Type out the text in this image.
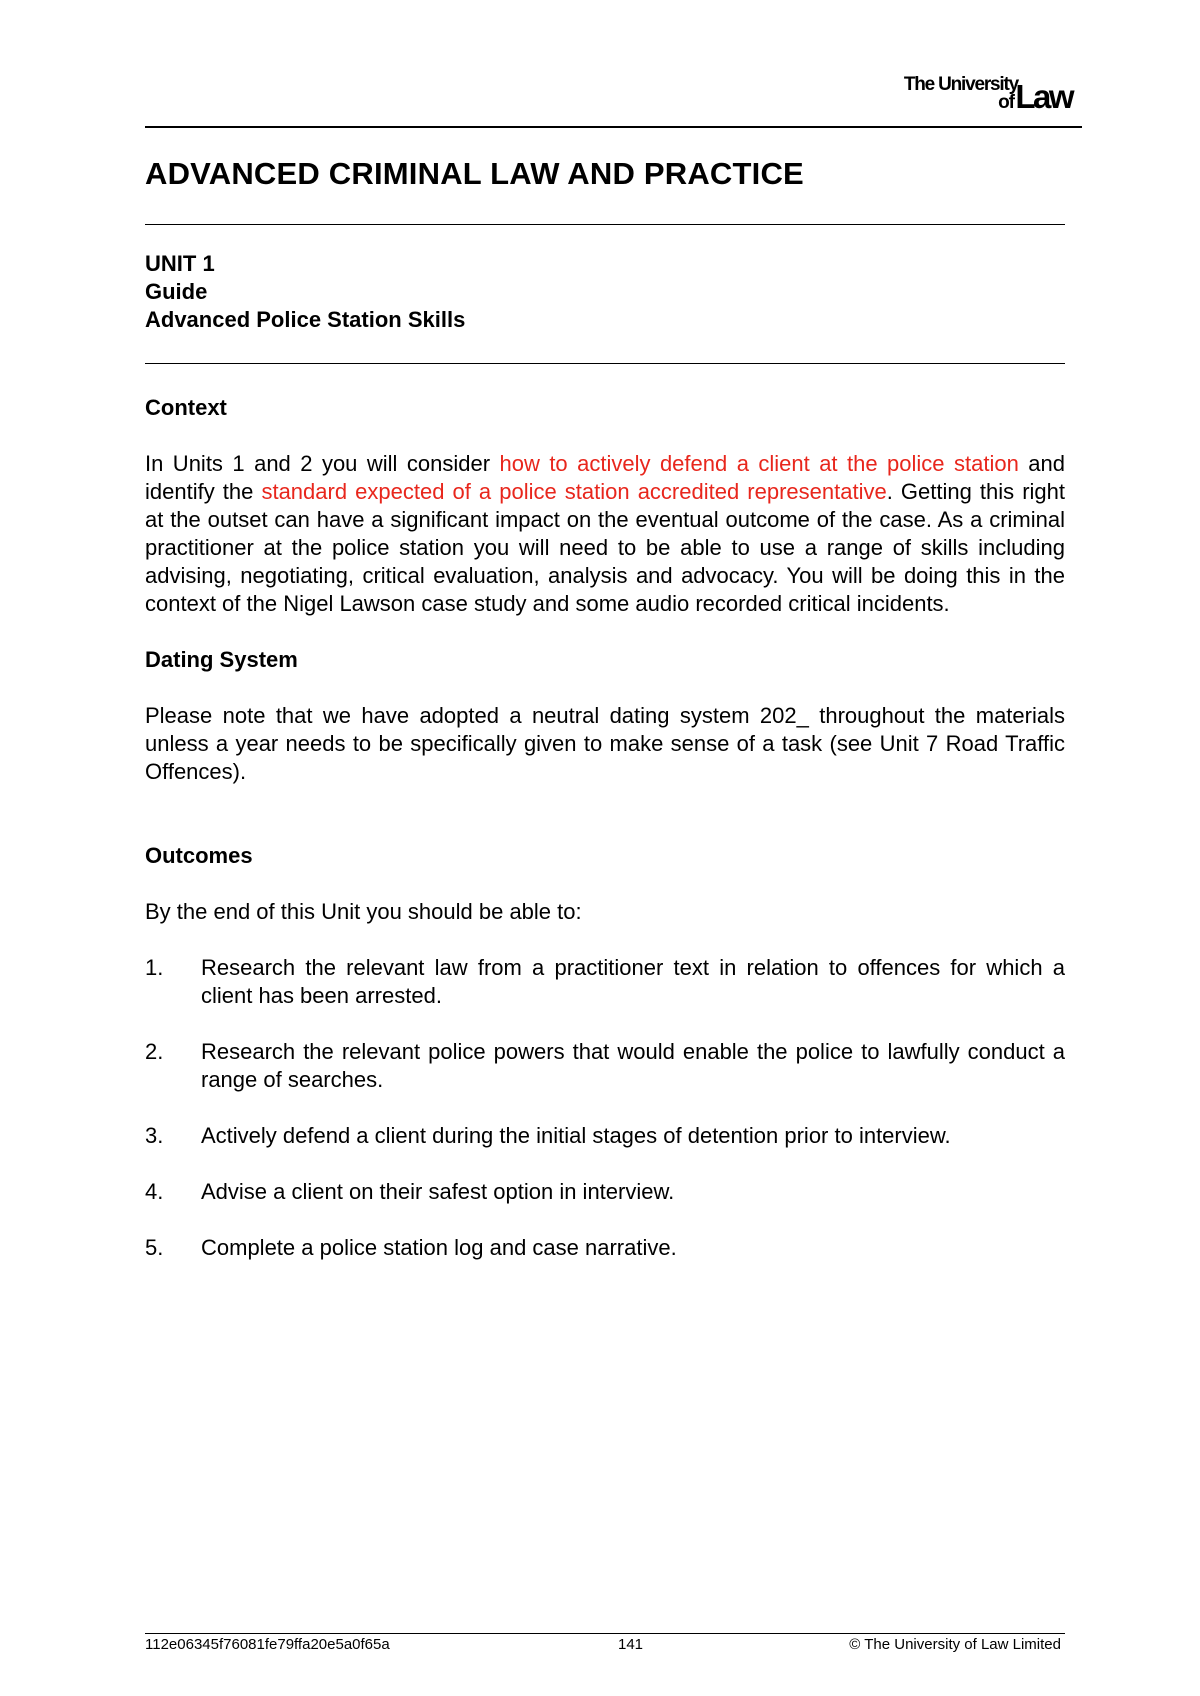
The University
of Law
ADVANCED CRIMINAL LAW AND PRACTICE
UNIT 1
Guide
Advanced Police Station Skills
Context

In Units 1 and 2 you will consider how to actively defend a client at the police station and identify the standard expected of a police station accredited representative. Getting this right at the outset can have a significant impact on the eventual outcome of the case. As a criminal practitioner at the police station you will need to be able to use a range of skills including advising, negotiating, critical evaluation, analysis and advocacy. You will be doing this in the context of the Nigel Lawson case study and some audio recorded critical incidents.

Dating System

Please note that we have adopted a neutral dating system 202_ throughout the materials unless a year needs to be specifically given to make sense of a task (see Unit 7 Road Traffic Offences).

Outcomes

By the end of this Unit you should be able to:

1. Research the relevant law from a practitioner text in relation to offences for which a client has been arrested.
2. Research the relevant police powers that would enable the police to lawfully conduct a range of searches.
3. Actively defend a client during the initial stages of detention prior to interview.
4. Advise a client on their safest option in interview.
5. Complete a police station log and case narrative.
112e06345f76081fe79ffa20e5a0f65a	141	© The University of Law Limited
